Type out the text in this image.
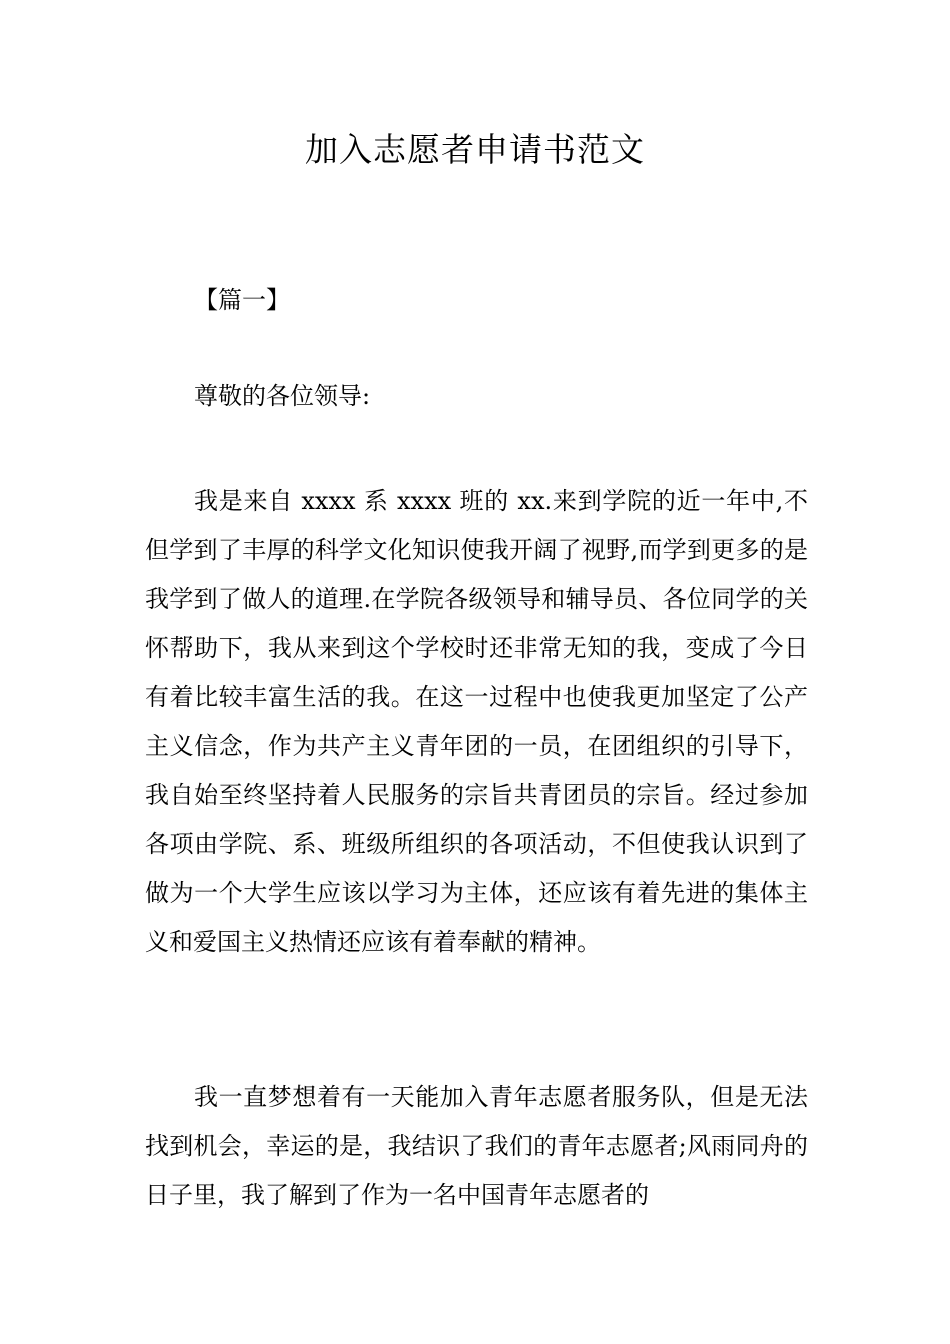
加入志愿者申请书范文
【篇一】
尊敬的各位领导:

我是来自 xxxx 系 xxxx 班的 xx.来到学院的近一年中,不但学到了丰厚的科学文化知识使我开阔了视野,而学到更多的是我学到了做人的道理.在学院各级领导和辅导员、各位同学的关怀帮助下，我从来到这个学校时还非常无知的我，变成了今日有着比较丰富生活的我。在这一过程中也使我更加坚定了公产主义信念，作为共产主义青年团的一员，在团组织的引导下，我自始至终坚持着人民服务的宗旨共青团员的宗旨。经过参加各项由学院、系、班级所组织的各项活动，不但使我认识到了做为一个大学生应该以学习为主体，还应该有着先进的集体主义和爱国主义热情还应该有着奉献的精神。

我一直梦想着有一天能加入青年志愿者服务队，但是无法找到机会，幸运的是，我结识了我们的青年志愿者;风雨同舟的日子里，我了解到了作为一名中国青年志愿者的
